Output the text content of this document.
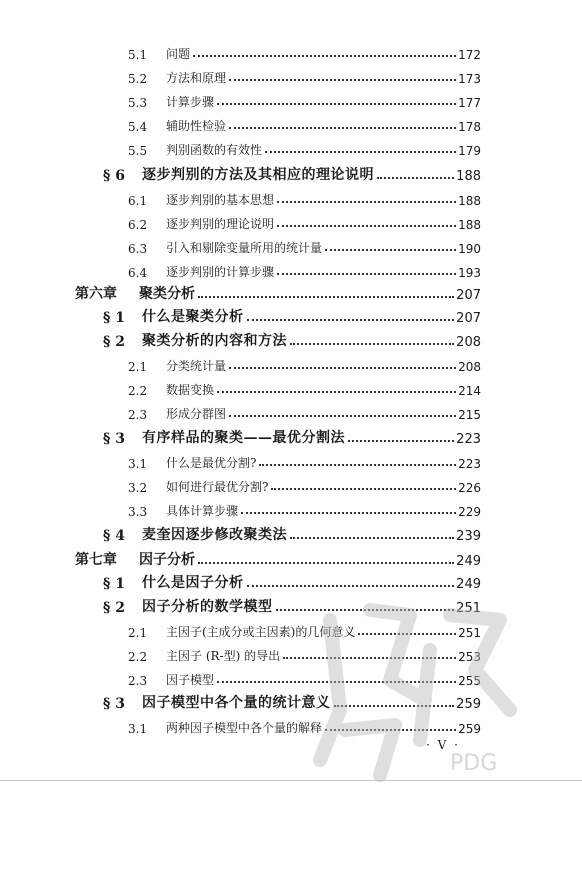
5.1	问题	172
5.2	方法和原理	173
5.3	计算步骤	177
5.4	辅助性检验	178
5.5	判别函数的有效性	179
§ 6	逐步判别的方法及其相应的理论说明	188
6.1	逐步判别的基本思想	188
6.2	逐步判别的理论说明	188
6.3	引入和剔除变量所用的统计量	190
6.4	逐步判别的计算步骤	193
第六章	聚类分析	207
§ 1	什么是聚类分析	207
§ 2	聚类分析的内容和方法	208
2.1	分类统计量	208
2.2	数据变换	214
2.3	形成分群图	215
§ 3	有序样品的聚类——最优分割法	223
3.1	什么是最优分割?	223
3.2	如何进行最优分割?	226
3.3	具体计算步骤	229
§ 4	麦奎因逐步修改聚类法	239
第七章	因子分析	249
§ 1	什么是因子分析	249
§ 2	因子分析的数学模型	251
2.1	主因子(主成分或主因素)的几何意义	251
2.2	主因子 (R-型) 的导出	253
2.3	因子模型	255
§ 3	因子模型中各个量的统计意义	259
3.1	两种因子模型中各个量的解释	259
· V ·
PDG
